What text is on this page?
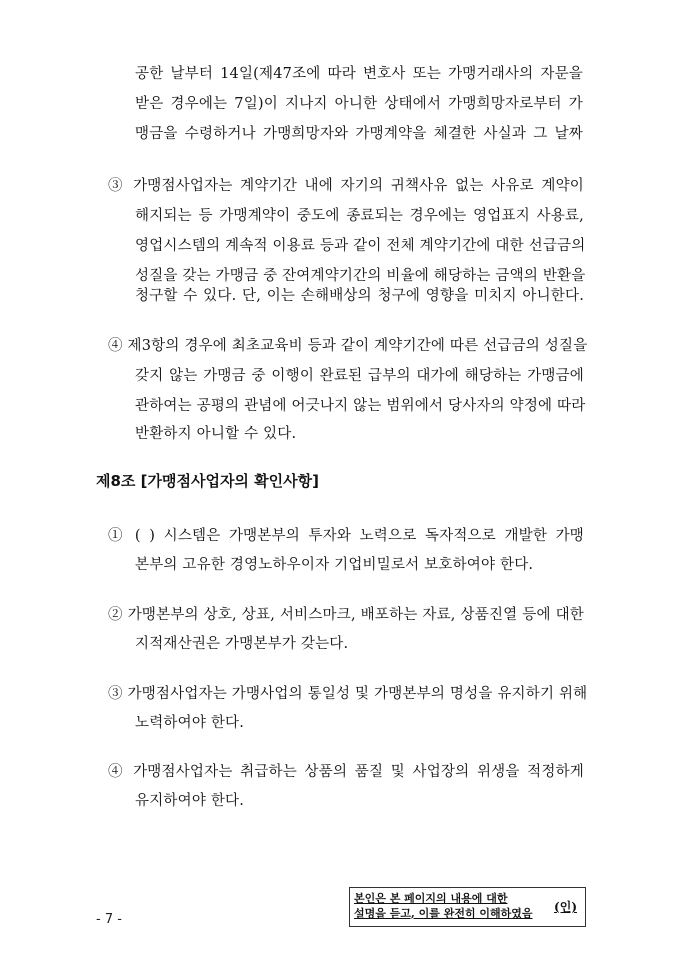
공한 날부터 14일(제47조에 따라 변호사 또는 가맹거래사의 자문을
받은 경우에는 7일)이 지나지 아니한 상태에서 가맹희망자로부터 가
맹금을 수령하거나 가맹희망자와 가맹계약을 체결한 사실과 그 날짜
③ 가맹점사업자는 계약기간 내에 자기의 귀책사유 없는 사유로 계약이
해지되는 등 가맹계약이 중도에 종료되는 경우에는 영업표지 사용료,
영업시스템의 계속적 이용료 등과 같이 전체 계약기간에 대한 선급금의
성질을 갖는 가맹금 중 잔여계약기간의 비율에 해당하는 금액의 반환을
청구할 수 있다. 단, 이는 손해배상의 청구에 영향을 미치지 아니한다.
④ 제3항의 경우에 최초교육비 등과 같이 계약기간에 따른 선급금의 성질을
갖지 않는 가맹금 중 이행이 완료된 급부의 대가에 해당하는 가맹금에
관하여는 공평의 관념에 어긋나지 않는 범위에서 당사자의 약정에 따라
반환하지 아니할 수 있다.
제8조 [가맹점사업자의 확인사항]
① ( ) 시스템은 가맹본부의 투자와 노력으로 독자적으로 개발한 가맹
본부의 고유한 경영노하우이자 기업비밀로서 보호하여야 한다.
② 가맹본부의 상호, 상표, 서비스마크, 배포하는 자료, 상품진열 등에 대한
지적재산권은 가맹본부가 갖는다.
③ 가맹점사업자는 가맹사업의 통일성 및 가맹본부의 명성을 유지하기 위해
노력하여야 한다.
④ 가맹점사업자는 취급하는 상품의 품질 및 사업장의 위생을 적정하게
유지하여야 한다.
- 7 -
본인은 본 페이지의 내용에 대한
설명을 듣고, 이를 완전히 이해하였음	(인)
